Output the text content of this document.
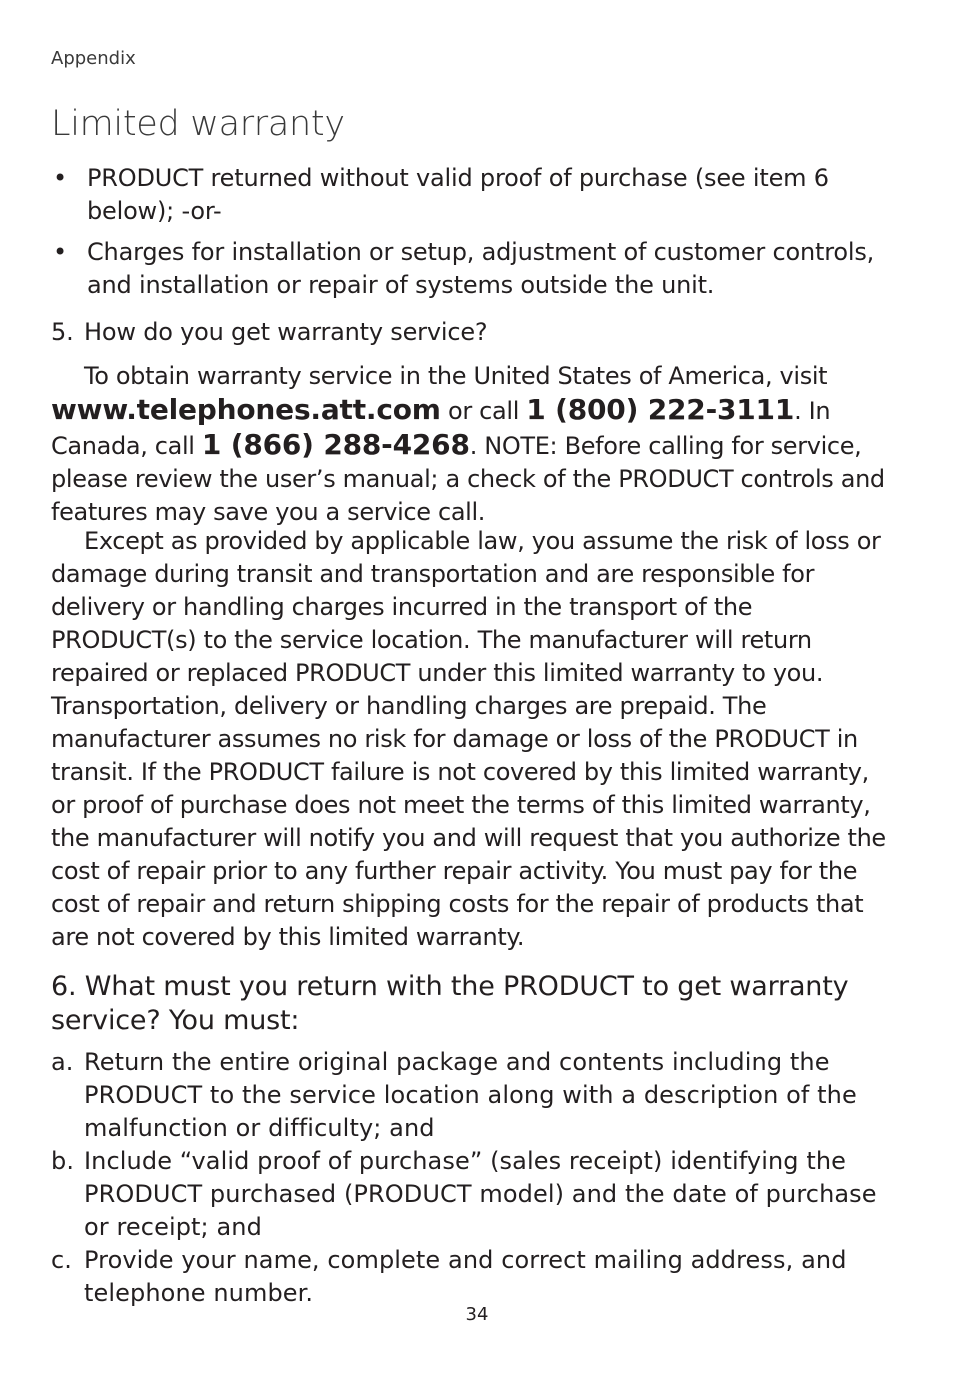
Appendix
Limited warranty
• PRODUCT returned without valid proof of purchase (see item 6 below); -or-
• Charges for installation or setup, adjustment of customer controls, and installation or repair of systems outside the unit.
5. How do you get warranty service?

To obtain warranty service in the United States of America, visit www.telephones.att.com or call 1 (800) 222-3111. In Canada, call 1 (866) 288-4268. NOTE: Before calling for service, please review the user’s manual; a check of the PRODUCT controls and features may save you a service call.

Except as provided by applicable law, you assume the risk of loss or damage during transit and transportation and are responsible for delivery or handling charges incurred in the transport of the PRODUCT(s) to the service location. The manufacturer will return repaired or replaced PRODUCT under this limited warranty to you. Transportation, delivery or handling charges are prepaid. The manufacturer assumes no risk for damage or loss of the PRODUCT in transit. If the PRODUCT failure is not covered by this limited warranty, or proof of purchase does not meet the terms of this limited warranty, the manufacturer will notify you and will request that you authorize the cost of repair prior to any further repair activity. You must pay for the cost of repair and return shipping costs for the repair of products that are not covered by this limited warranty.

6. What must you return with the PRODUCT to get warranty service? You must:

a. Return the entire original package and contents including the PRODUCT to the service location along with a description of the malfunction or difficulty; and
b. Include “valid proof of purchase” (sales receipt) identifying the PRODUCT purchased (PRODUCT model) and the date of purchase or receipt; and
c. Provide your name, complete and correct mailing address, and telephone number.
34
